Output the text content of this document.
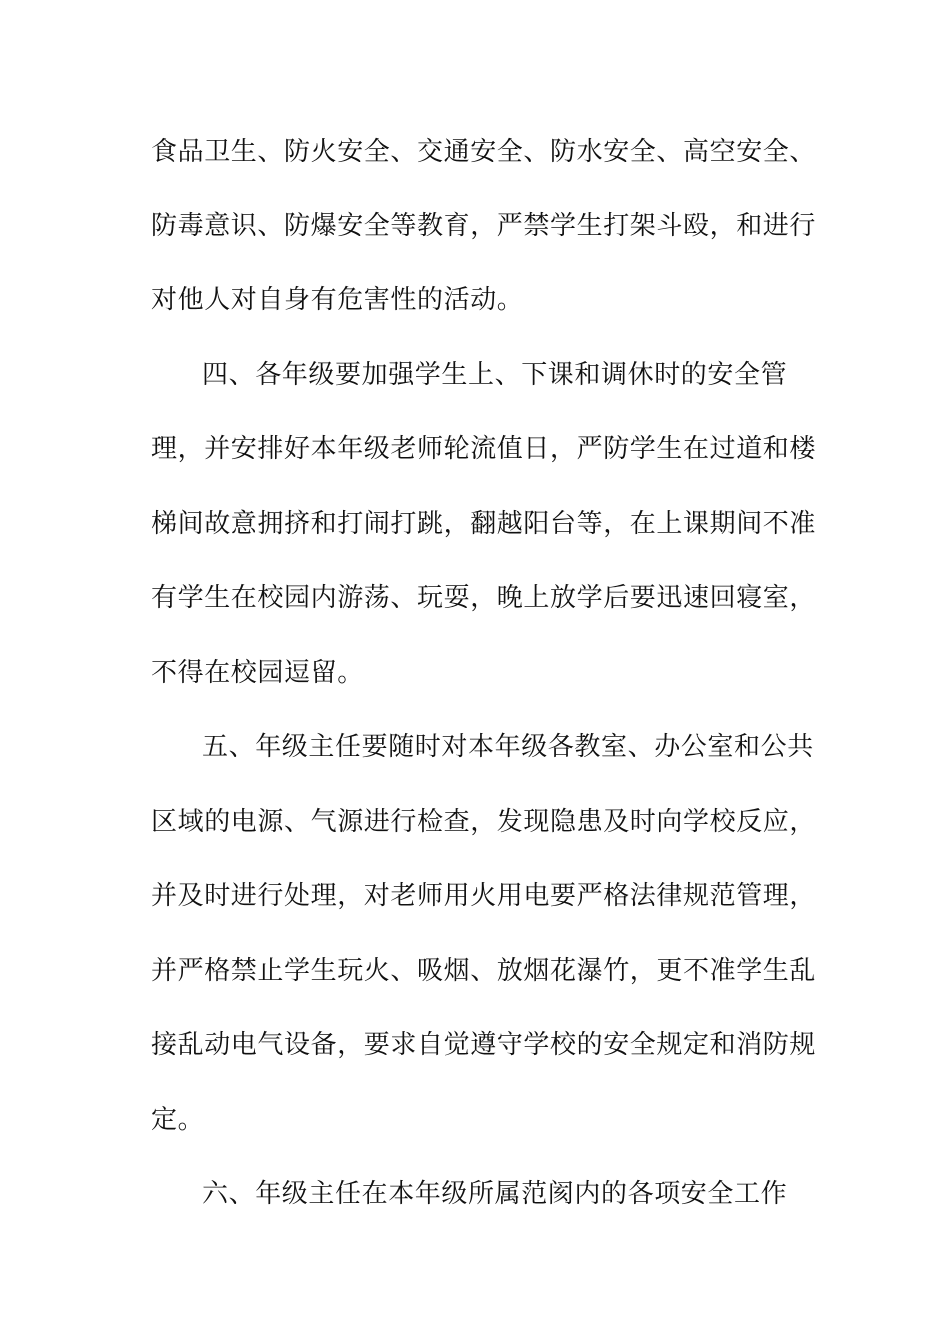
食品卫生、防火安全、交通安全、防水安全、高空安全、
防毒意识、防爆安全等教育，严禁学生打架斗殴，和进行
对他人对自身有危害性的活动。
四、各年级要加强学生上、下课和调休时的安全管
理，并安排好本年级老师轮流值日，严防学生在过道和楼
梯间故意拥挤和打闹打跳，翻越阳台等，在上课期间不准
有学生在校园内游荡、玩耍，晚上放学后要迅速回寝室，
不得在校园逗留。
五、年级主任要随时对本年级各教室、办公室和公共
区域的电源、气源进行检查，发现隐患及时向学校反应，
并及时进行处理，对老师用火用电要严格法律规范管理，
并严格禁止学生玩火、吸烟、放烟花瀑竹，更不准学生乱
接乱动电气设备，要求自觉遵守学校的安全规定和消防规
定。
六、年级主任在本年级所属范阂内的各项安全工作
